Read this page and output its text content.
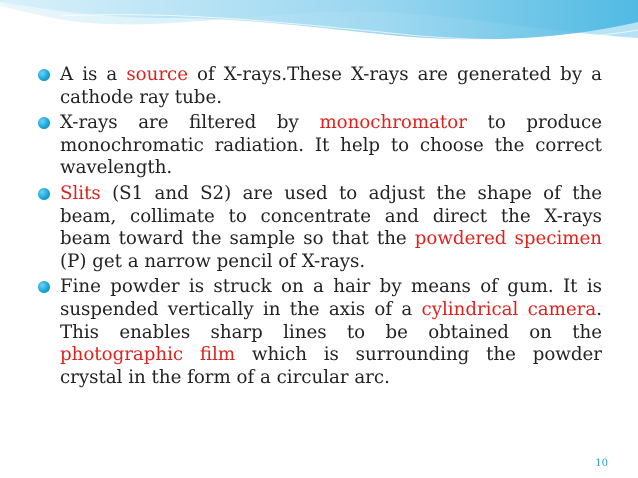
A is a source of X-rays.These X-rays are generated by a cathode ray tube.
X-rays are filtered by monochromator to produce monochromatic radiation. It help to choose the correct wavelength.
Slits (S1 and S2) are used to adjust the shape of the beam, collimate to concentrate and direct the X-rays beam toward the sample so that the powdered specimen (P) get a narrow pencil of X-rays.
Fine powder is struck on a hair by means of gum. It is suspended vertically in the axis of a cylindrical camera. This enables sharp lines to be obtained on the photographic film which is surrounding the powder crystal in the form of a circular arc.
10
